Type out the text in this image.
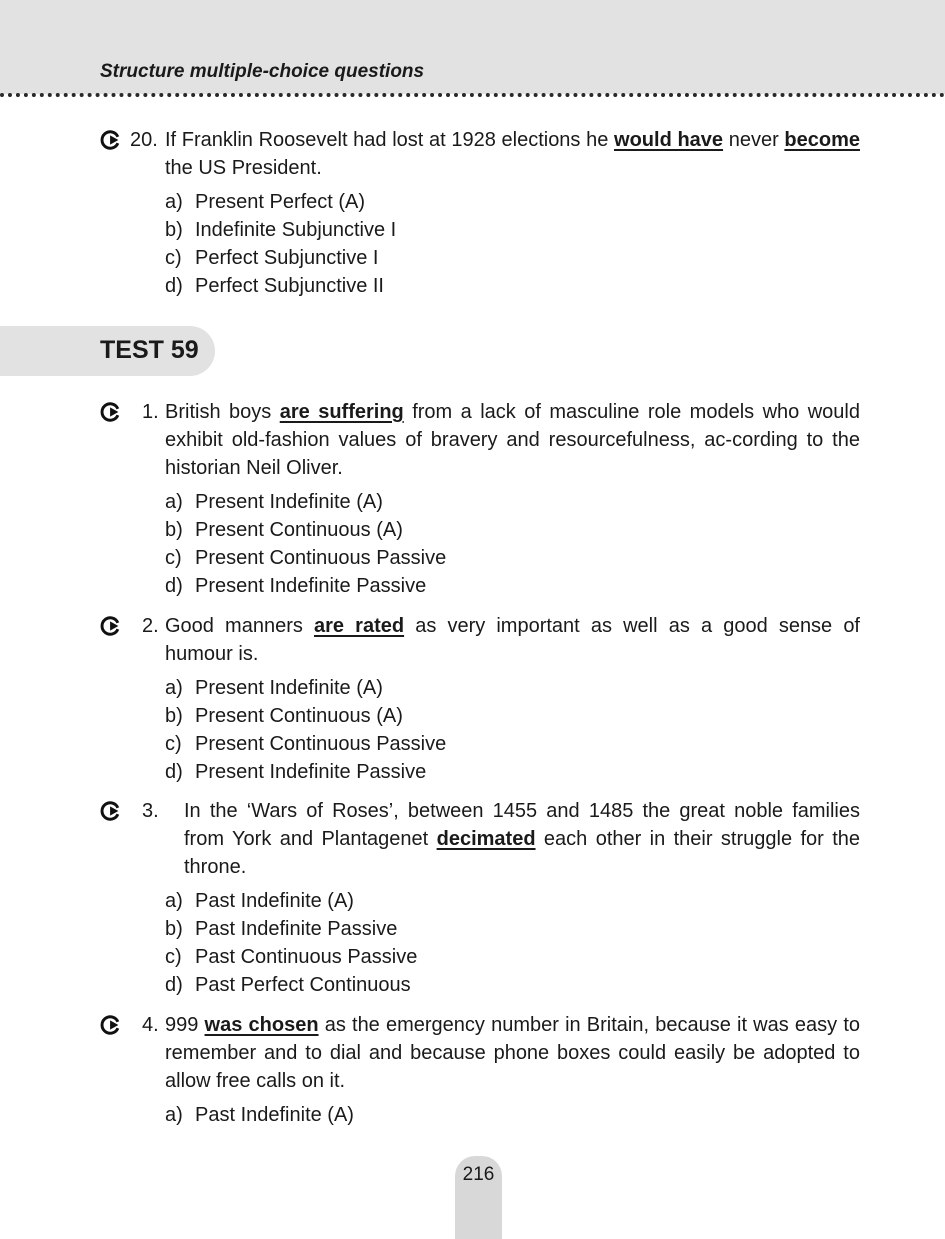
Structure multiple-choice questions
20. If Franklin Roosevelt had lost at 1928 elections he would have never become the US President.
a) Present Perfect (A)
b) Indefinite Subjunctive I
c) Perfect Subjunctive I
d) Perfect Subjunctive II
TEST 59
1. British boys are suffering from a lack of masculine role models who would exhibit old-fashion values of bravery and resourcefulness, ac-cording to the historian Neil Oliver.
a) Present Indefinite (A)
b) Present Continuous (A)
c) Present Continuous Passive
d) Present Indefinite Passive
2. Good manners are rated as very important as well as a good sense of humour is.
a) Present Indefinite (A)
b) Present Continuous (A)
c) Present Continuous Passive
d) Present Indefinite Passive
3. In the ‘Wars of Roses’, between 1455 and 1485 the great noble families from York and Plantagenet decimated each other in their struggle for the throne.
a) Past Indefinite (A)
b) Past Indefinite Passive
c) Past Continuous Passive
d) Past Perfect Continuous
4. 999 was chosen as the emergency number in Britain, because it was easy to remember and to dial and because phone boxes could easily be adopted to allow free calls on it.
a) Past Indefinite (A)
216
